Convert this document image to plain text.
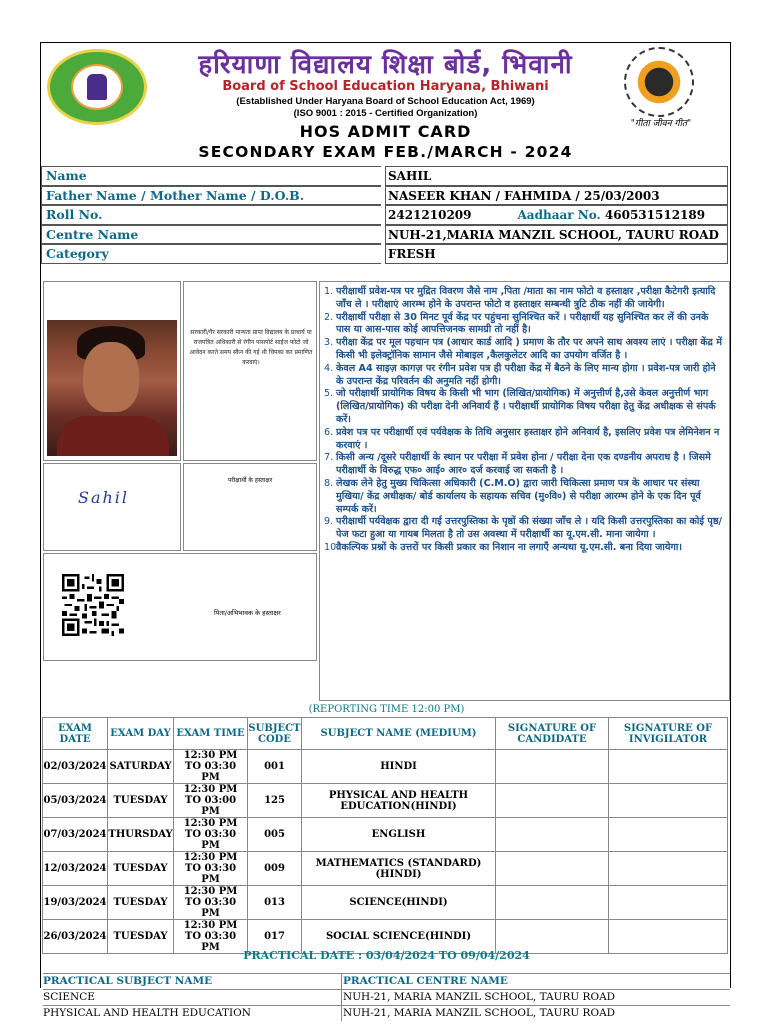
"गीता जीवन गीत"
हरियाणा विद्यालय शिक्षा बोर्ड, भिवानी
Board of School Education Haryana, Bhiwani
(Established Under Haryana Board of School Education Act, 1969)
(ISO 9001 : 2015 - Certified Organization)
HOS ADMIT CARD
SECONDARY EXAM FEB./MARCH - 2024
Name	SAHIL
Father Name / Mother Name / D.O.B.	NASEER KHAN / FAHMIDA / 25/03/2003
Roll No.	2421210209	Aadhaar No. 460531512189
Centre Name	NUH-21,MARIA MANZIL SCHOOL, TAURU ROAD
Category	FRESH
सरकारी/गैर सरकारी मान्यता प्राप्त विद्यालय के प्राचार्य या राजपत्रित अधिकारी से रंगीन पासपोर्ट साईज फोटो जो आवेदन करते समय स्कैन की गई थी चिपका कर प्रमाणित करवाएं।
Sahil
परीक्षार्थी के हस्ताक्षर
पिता/अभिभावक के हस्ताक्षर
1. परीक्षार्थी प्रवेश-पत्र पर मुद्रित विवरण जैसे नाम ,पिता /माता का नाम फोटो व हस्ताक्षर ,परीक्षा कैटेगरी इत्यादि जाँच ले । परीक्षाएं आरम्भ होने के उपरान्त फोटो व हस्ताक्षर सम्बन्धी त्रुटि ठीक नहीं की जायेगी।
2. परीक्षार्थी परीक्षा से 30 मिनट पूर्व केंद्र पर पहुंचना सुनिश्चित करें । परीक्षार्थी यह सुनिश्चित कर लें की उनके पास या आस-पास कोई आपत्तिजनक सामग्री तो नहीं है।
3. परीक्षा केंद्र पर मूल पहचान पत्र (आधार कार्ड आदि ) प्रमाण के तौर पर अपने साथ अवश्य लाएं । परीक्षा केंद्र में किसी भी इलेक्ट्रॉनिक सामान जैसे मोबाइल ,कैलकुलेटर आदि का उपयोग वर्जित है ।
4. केवल A4 साइज़ कागज़ पर रंगीन प्रवेश पत्र ही परीक्षा केंद्र में बैठने के लिए मान्य होगा । प्रवेश-पत्र जारी होने के उपरान्त केंद्र परिवर्तन की अनुमति नहीं होगी।
5. जो परीक्षार्थी प्रायोगिक विषय के किसी भी भाग (लिखित/प्रायोगिक) में अनुत्तीर्ण है,उसे केवल अनुत्तीर्ण भाग (लिखित/प्रायोगिक) की परीक्षा देनी अनिवार्य हैं । परीक्षार्थी प्रायोगिक विषय परीक्षा हेतु केंद्र अधीक्षक से संपर्क करें।
6. प्रवेश पत्र पर परीक्षार्थी एवं पर्यवेक्षक के तिथि अनुसार हस्ताक्षर होने अनिवार्य है, इसलिए प्रवेश पत्र लेमिनेशन न करवाएं ।
7. किसी अन्य /दूसरे परीक्षार्थी के स्थान पर परीक्षा में प्रवेश होना / परीक्षा देना एक दण्डनीय अपराध है । जिसमे परीक्षार्थी के विरुद्ध एफ० आई० आर० दर्ज करवाई जा सकती है ।
8. लेखक लेने हेतु मुख्य चिकित्सा अधिकारी (C.M.O) द्वारा जारी चिकित्सा प्रमाण पत्र के आधार पर संस्था मुखिया/ केंद्र अधीक्षक/ बोर्ड कार्यालय के सहायक सचिव (मु०वि०) से परीक्षा आरम्भ होने के एक दिन पूर्व सम्पर्क करें।
9. परीक्षार्थी पर्यवेक्षक द्वारा दी गई उत्तरपुस्तिका के पृष्ठों की संख्या जाँच ले । यदि किसी उत्तरपुस्तिका का कोई पृष्ठ/पेज फटा हुआ या गायब मिलता है तो उस अवस्था में परीक्षार्थी का यू.एम.सी. माना जायेगा ।
10.
वैकल्पिक प्रश्नों के उत्तरों पर किसी प्रकार का निशान ना लगाएँ अन्यथा यू.एम.सी. बना दिया जायेगा।
(REPORTING TIME 12:00 PM)
EXAM DATE	EXAM DAY	EXAM TIME	SUBJECT CODE	SUBJECT NAME (MEDIUM)	SIGNATURE OF CANDIDATE	SIGNATURE OF INVIGILATOR
02/03/2024	SATURDAY	12:30 PM TO 03:30 PM	001	HINDI		
05/03/2024	TUESDAY	12:30 PM TO 03:00 PM	125	PHYSICAL AND HEALTH EDUCATION(HINDI)		
07/03/2024	THURSDAY	12:30 PM TO 03:30 PM	005	ENGLISH		
12/03/2024	TUESDAY	12:30 PM TO 03:30 PM	009	MATHEMATICS (STANDARD) (HINDI)		
19/03/2024	TUESDAY	12:30 PM TO 03:30 PM	013	SCIENCE(HINDI)		
26/03/2024	TUESDAY	12:30 PM TO 03:30 PM	017	SOCIAL SCIENCE(HINDI)		
PRACTICAL DATE : 03/04/2024 TO 09/04/2024
PRACTICAL SUBJECT NAME	PRACTICAL CENTRE NAME
SCIENCE	NUH-21, MARIA MANZIL SCHOOL, TAURU ROAD
PHYSICAL AND HEALTH EDUCATION	NUH-21, MARIA MANZIL SCHOOL, TAURU ROAD
